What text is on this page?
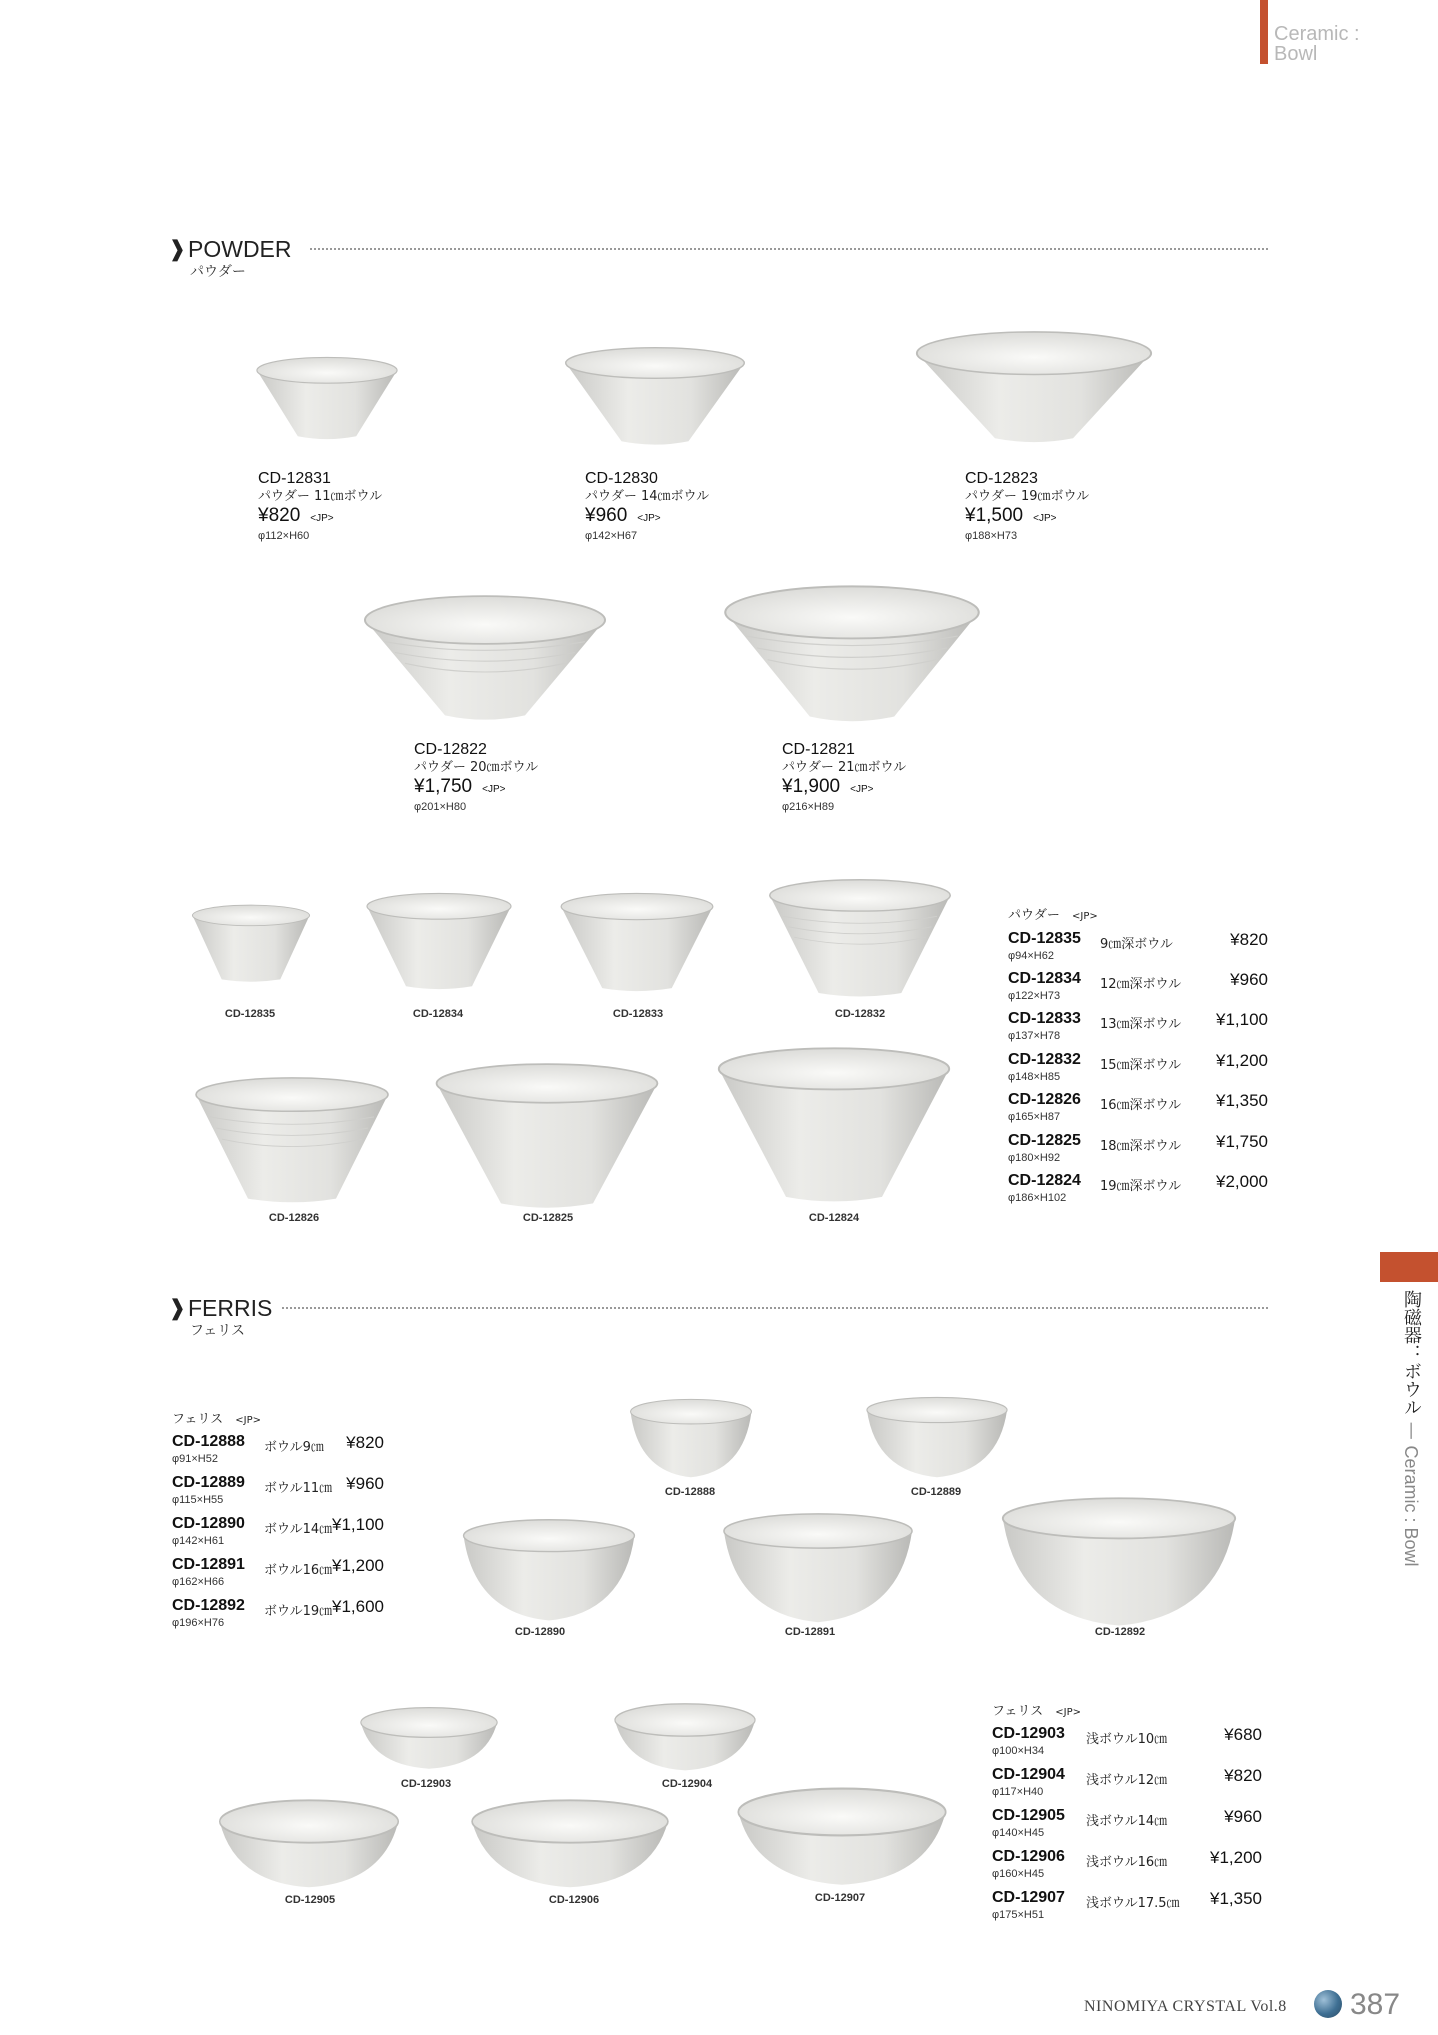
Ceramic :
Bowl
❱ POWDER
パウダー
CD-12831
パウダー 11㎝ボウル
¥820 <JP>
φ112×H60
CD-12830
パウダー 14㎝ボウル
¥960 <JP>
φ142×H67
CD-12823
パウダー 19㎝ボウル
¥1,500 <JP>
φ188×H73
CD-12822
パウダー 20㎝ボウル
¥1,750 <JP>
φ201×H80
CD-12821
パウダー 21㎝ボウル
¥1,900 <JP>
φ216×H89
CD-12835	CD-12834	CD-12833	CD-12832
CD-12826	CD-12825	CD-12824
パウダー <JP>
CD-12835 9㎝深ボウル	¥820
φ94×H62
CD-12834 12㎝深ボウル	¥960
φ122×H73
CD-12833 13㎝深ボウル ¥1,100
φ137×H78
CD-12832 15㎝深ボウル ¥1,200
φ148×H85
CD-12826 16㎝深ボウル ¥1,350
φ165×H87
CD-12825 18㎝深ボウル ¥1,750
φ180×H92
CD-12824 19㎝深ボウル ¥2,000
φ186×H102
❱ FERRIS
フェリス
フェリス <JP>
CD-12888 ボウル9㎝ ¥820
φ91×H52
CD-12889 ボウル11㎝ ¥960
φ115×H55
CD-12890 ボウル14㎝ ¥1,100
φ142×H61
CD-12891 ボウル16㎝ ¥1,200
φ162×H66
CD-12892 ボウル19㎝ ¥1,600
φ196×H76
CD-12888	CD-12889
CD-12890	CD-12891	CD-12892
CD-12903	CD-12904
CD-12905	CD-12906	CD-12907
フェリス <JP>
CD-12903 浅ボウル10㎝	¥680
φ100×H34
CD-12904 浅ボウル12㎝	¥820
φ117×H40
CD-12905 浅ボウル14㎝	¥960
φ140×H45
CD-12906 浅ボウル16㎝	¥1,200
φ160×H45
CD-12907 浅ボウル17.5㎝ ¥1,350
φ175×H51
陶磁器：ボウル — Ceramic : Bowl
NINOMIYA CRYSTAL Vol.8 387
